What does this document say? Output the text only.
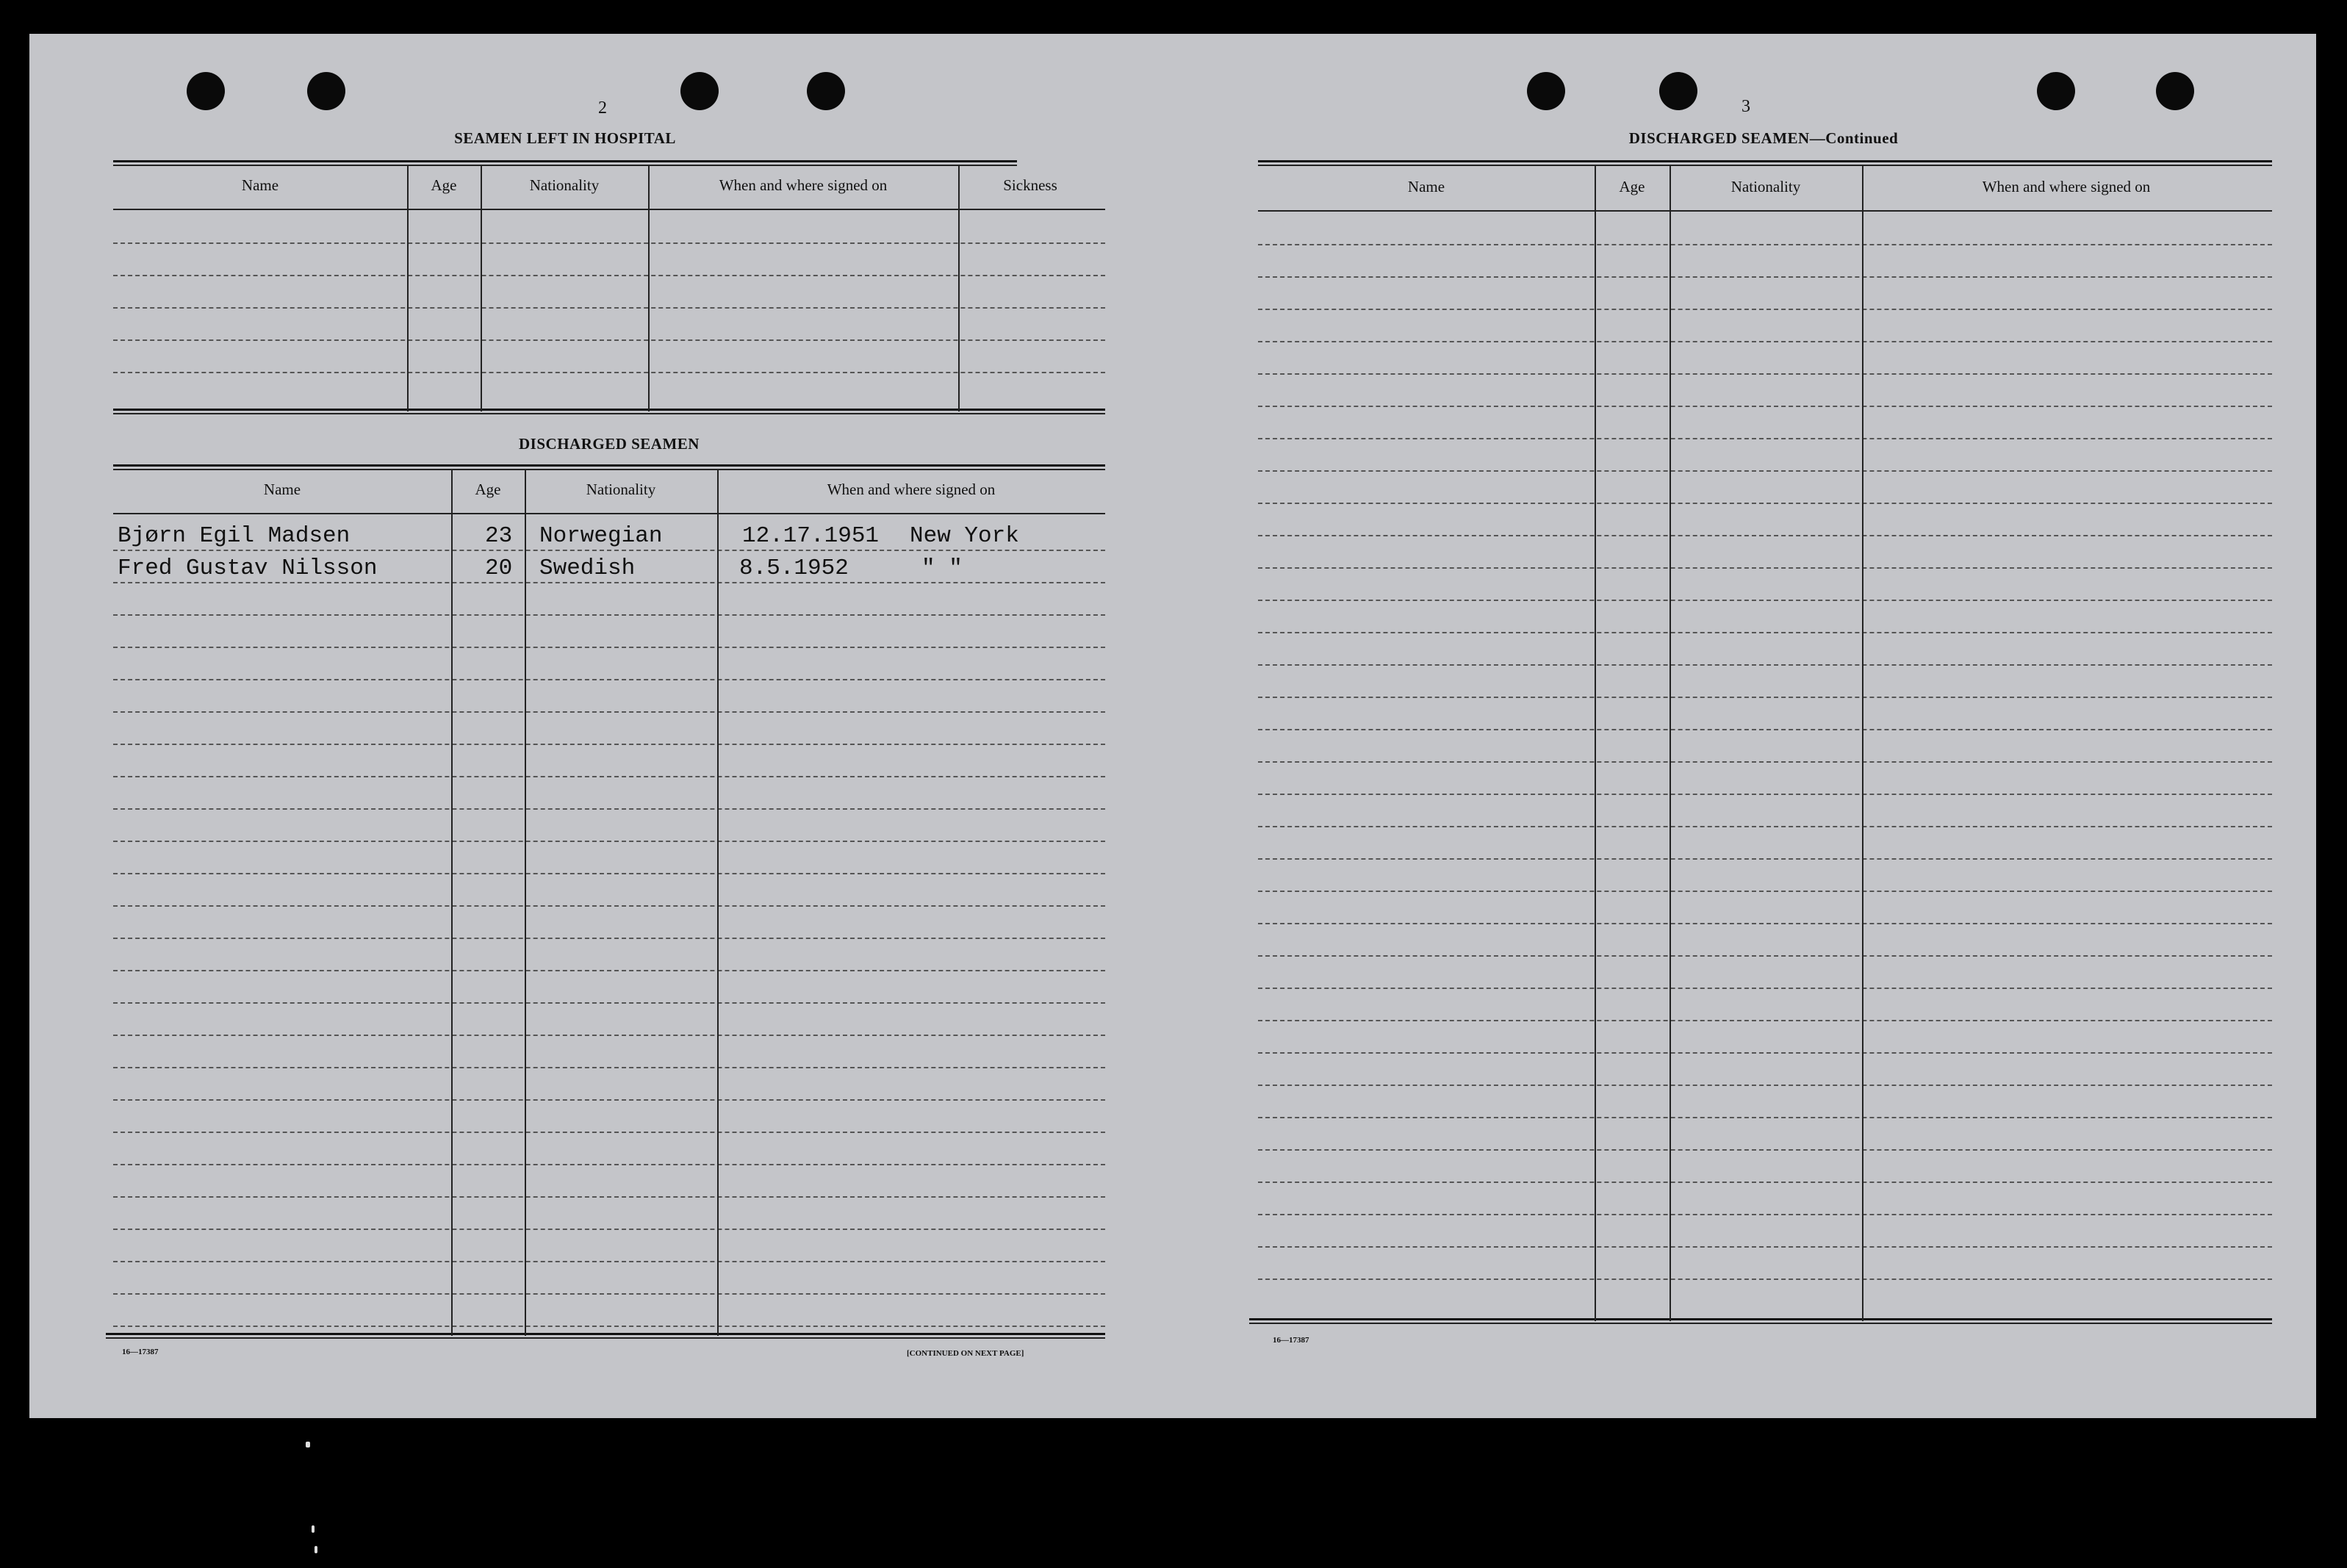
2
SEAMEN LEFT IN HOSPITAL
Name	Age	Nationality	When and where signed on	Sickness
DISCHARGED SEAMEN
Name	Age	Nationality	When and where signed on
Bjørn Egil Madsen	23 Norwegian	12.17.1951 New York
Fred Gustav Nilsson	20 Swedish	8.5.1952	" "
16—17387	[CONTINUED ON NEXT PAGE]
3
DISCHARGED SEAMEN—Continued
Name	Age	Nationality	When and where signed on
16—17387
